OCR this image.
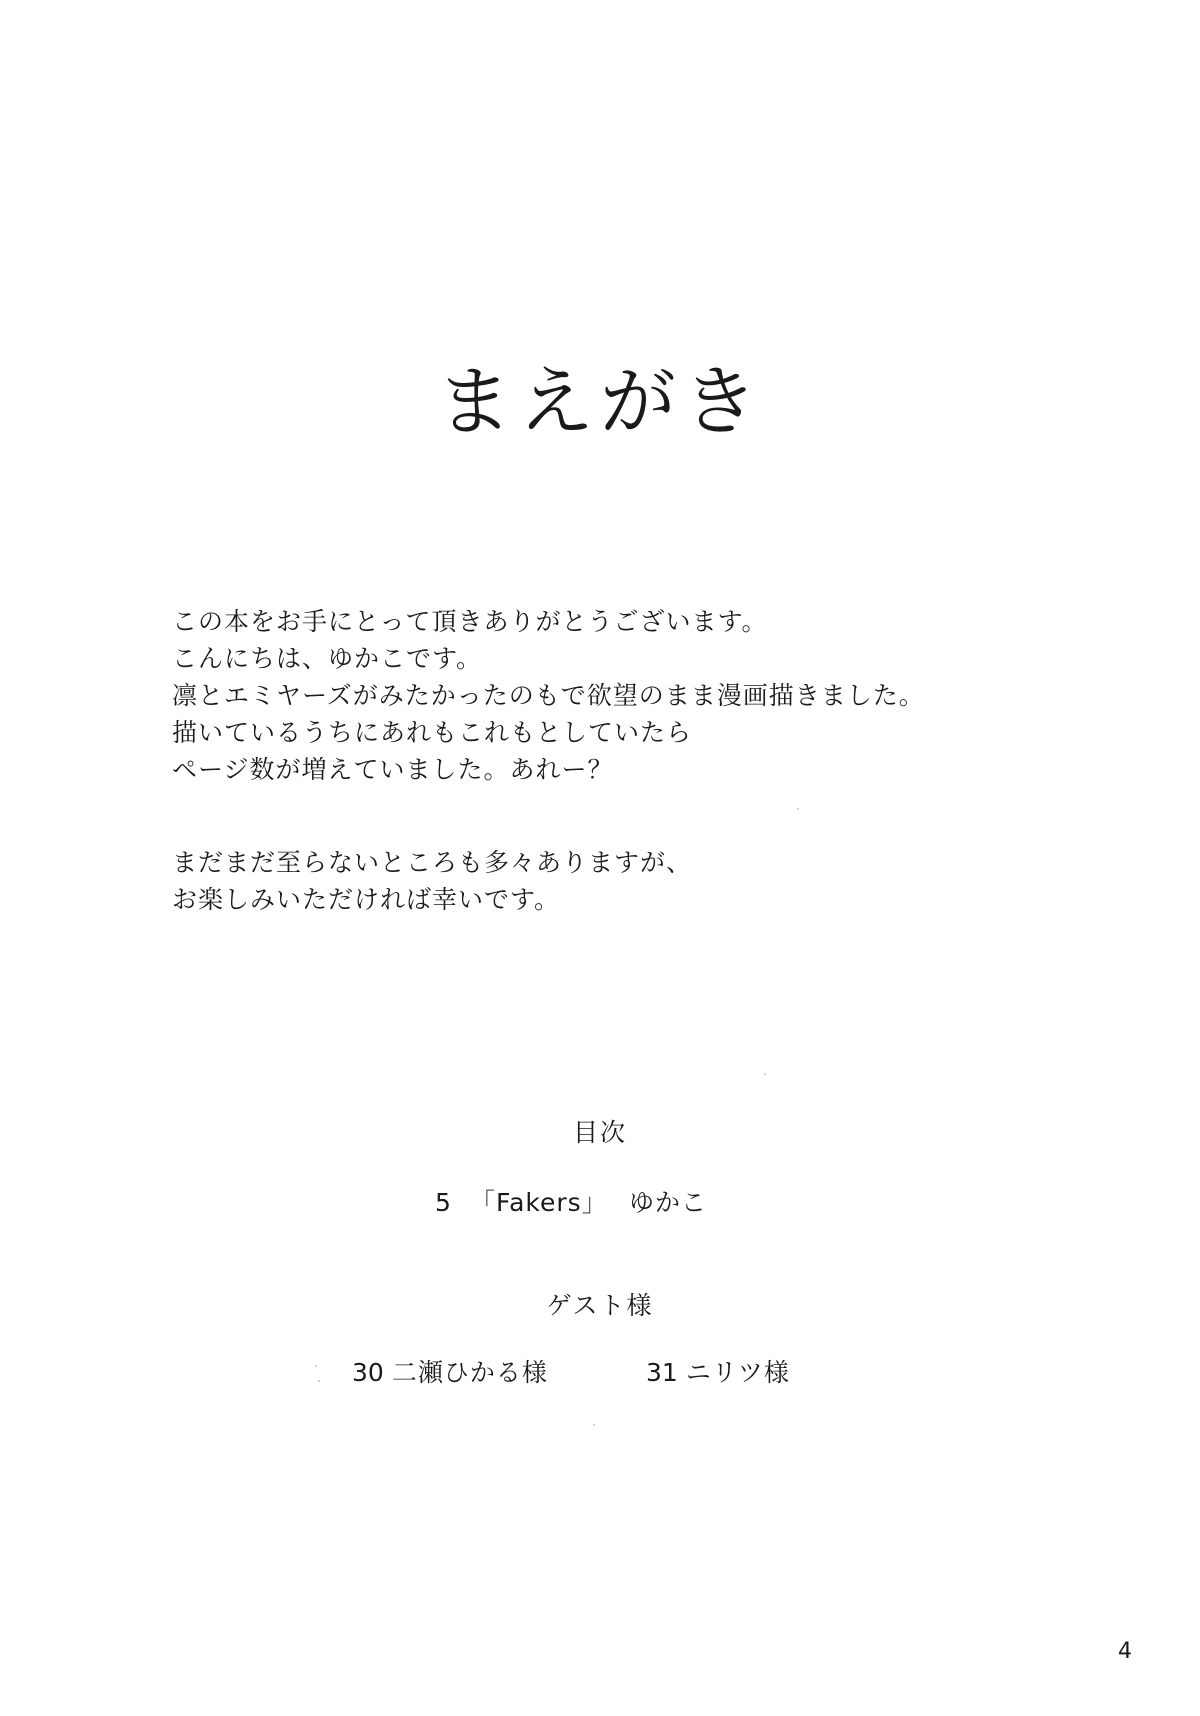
まえがき
この本をお手にとって頂きありがとうございます。
こんにちは、ゆかこです。
凛とエミヤーズがみたかったのもで欲望のまま漫画描きました。
描いているうちにあれもこれもとしていたら
ページ数が増えていました。あれー？
まだまだ至らないところも多々ありますが、
お楽しみいただければ幸いです。
目次
5 「Fakers」 ゆかこ
ゲスト様
30 二瀬ひかる様	31 ニリツ様
4
